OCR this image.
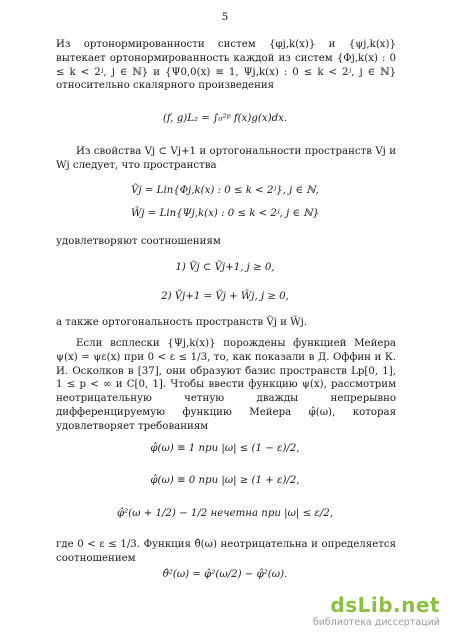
5
Из ортонормированности систем {φj,k(x)} и {ψj,k(x)} вытекает ортонормированность каждой из систем {Φj,k(x) : 0 ≤ k < 2ʲ, j ∈ ℕ} и {Ψ0,0(x) ≡ 1, Ψj,k(x) : 0 ≤ k < 2ʲ, j ∈ ℕ} относительно скалярного произведения
(f, g)L₂ = ∫₀²ᵖ f(x)g(x)dx.
Из свойства Vj ⊂ Vj+1 и ортогональности пространств Vj и Wj следует, что пространства
Ṽj = Lin{Φj,k(x) : 0 ≤ k < 2ʲ}, j ∈ ℕ,
W̃j = Lin{Ψj,k(x) : 0 ≤ k < 2ʲ, j ∈ ℕ}
удовлетворяют соотношениям
1) Ṽj ⊂ Ṽj+1, j ≥ 0,
2) Ṽj+1 = Ṽj + W̃j, j ≥ 0,
а также ортогональность пространств Ṽj и W̃j.
Если всплески {Ψj,k(x)} порождены функцией Мейера ψ(x) = ψε(x) при 0 < ε ≤ 1/3, то, как показали в Д. Оффин и К. И. Осколков в [37], они образуют базис пространств Lp[0, 1], 1 ≤ p < ∞ и C[0, 1]. Чтобы ввести функцию ψ(x), рассмотрим неотрицательную четную дважды непрерывно дифференцируемую функцию Мейера φ̂(ω), которая удовлетворяет требованиям
φ̂(ω) ≡ 1 при |ω| ≤ (1 − ε)/2,
φ̂(ω) ≡ 0 при |ω| ≥ (1 + ε)/2,
φ̂²(ω + 1/2) − 1/2 нечетна при |ω| ≤ ε/2,
где 0 < ε ≤ 1/3. Функция θ̂(ω) неотрицательна и определяется соотношением
θ̂²(ω) = φ̂²(ω/2) − φ̂²(ω).
dsLib.net
библиотека диссертаций
